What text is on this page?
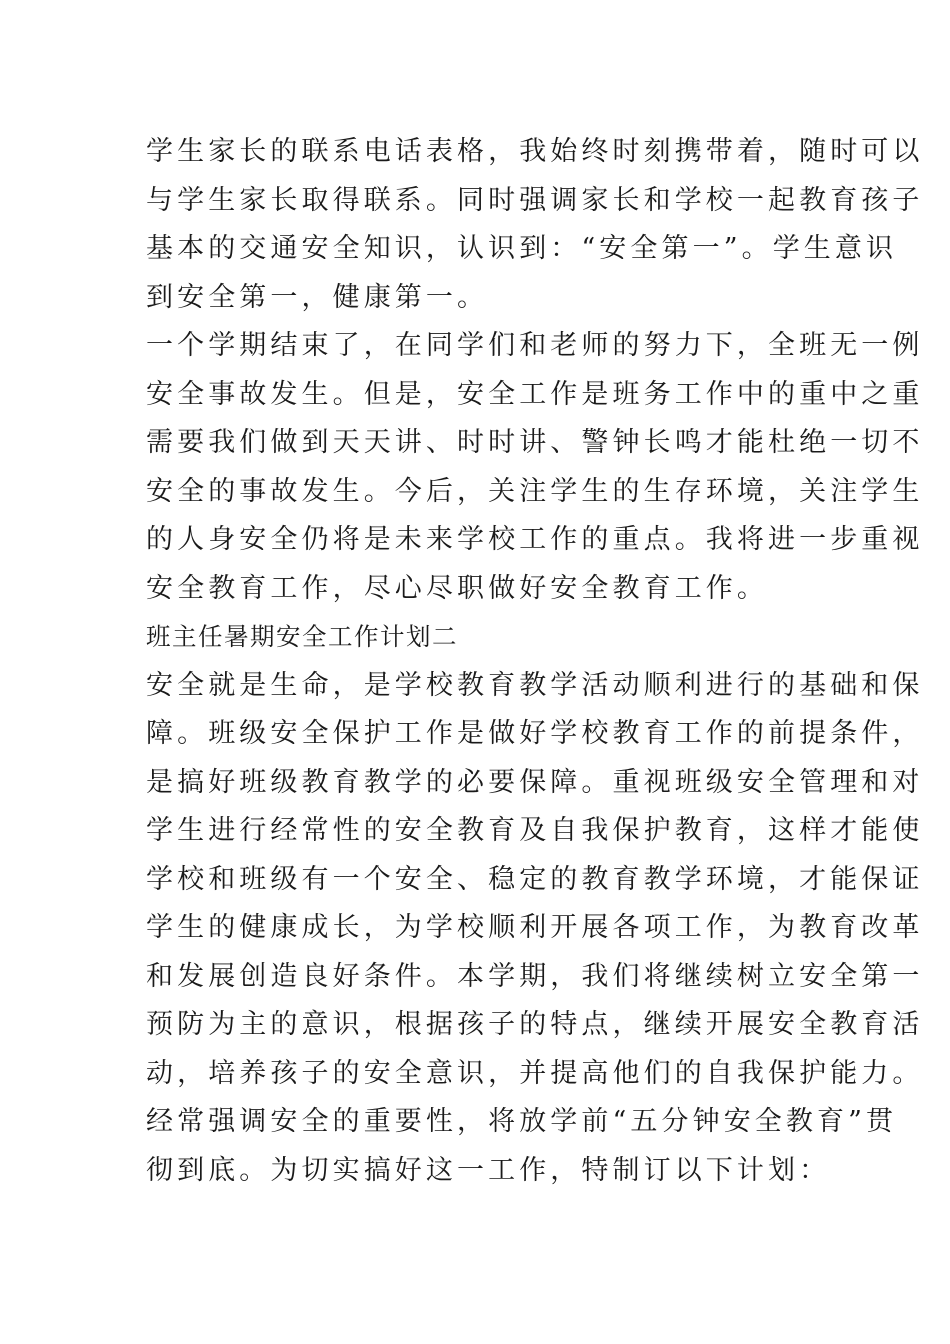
学生家长的联系电话表格，我始终时刻携带着，随时可以
与学生家长取得联系。同时强调家长和学校一起教育孩子
基本的交通安全知识，认识到：“安全第一”。学生意识
到安全第一，健康第一。
一个学期结束了，在同学们和老师的努力下，全班无一例
安全事故发生。但是，安全工作是班务工作中的重中之重
需要我们做到天天讲、时时讲、警钟长鸣才能杜绝一切不
安全的事故发生。今后，关注学生的生存环境，关注学生
的人身安全仍将是未来学校工作的重点。我将进一步重视
安全教育工作，尽心尽职做好安全教育工作。
班主任暑期安全工作计划二
安全就是生命，是学校教育教学活动顺利进行的基础和保
障。班级安全保护工作是做好学校教育工作的前提条件，
是搞好班级教育教学的必要保障。重视班级安全管理和对
学生进行经常性的安全教育及自我保护教育，这样才能使
学校和班级有一个安全、稳定的教育教学环境，才能保证
学生的健康成长，为学校顺利开展各项工作，为教育改革
和发展创造良好条件。本学期，我们将继续树立安全第一
预防为主的意识，根据孩子的特点，继续开展安全教育活
动，培养孩子的安全意识，并提高他们的自我保护能力。
经常强调安全的重要性，将放学前“五分钟安全教育”贯
彻到底。为切实搞好这一工作，特制订以下计划：
